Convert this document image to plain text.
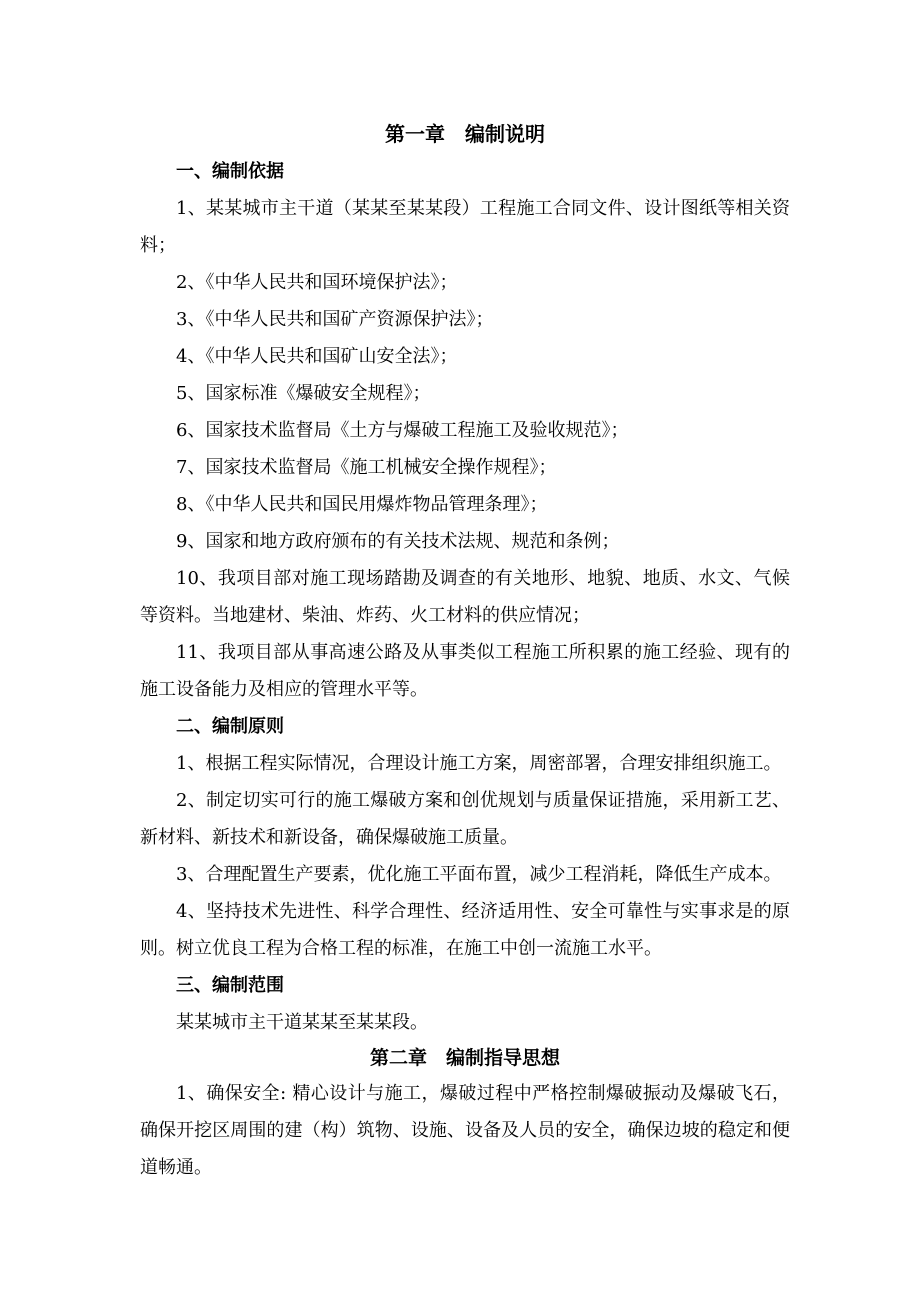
第一章　编制说明

一、编制依据

1、某某城市主干道（某某至某某段）工程施工合同文件、设计图纸等相关资料；

2、《中华人民共和国环境保护法》；

3、《中华人民共和国矿产资源保护法》；

4、《中华人民共和国矿山安全法》；

5、国家标准《爆破安全规程》；

6、国家技术监督局《土方与爆破工程施工及验收规范》；

7、国家技术监督局《施工机械安全操作规程》；

8、《中华人民共和国民用爆炸物品管理条理》；

9、国家和地方政府颁布的有关技术法规、规范和条例；

10、我项目部对施工现场踏勘及调查的有关地形、地貌、地质、水文、气候等资料。当地建材、柴油、炸药、火工材料的供应情况；

11、我项目部从事高速公路及从事类似工程施工所积累的施工经验、现有的施工设备能力及相应的管理水平等。

二、编制原则

1、根据工程实际情况，合理设计施工方案，周密部署，合理安排组织施工。

2、制定切实可行的施工爆破方案和创优规划与质量保证措施，采用新工艺、新材料、新技术和新设备，确保爆破施工质量。

3、合理配置生产要素，优化施工平面布置，减少工程消耗，降低生产成本。

4、坚持技术先进性、科学合理性、经济适用性、安全可靠性与实事求是的原则。树立优良工程为合格工程的标准，在施工中创一流施工水平。

三、编制范围

某某城市主干道某某至某某段。

第二章　编制指导思想

1、确保安全: 精心设计与施工，爆破过程中严格控制爆破振动及爆破飞石，确保开挖区周围的建（构）筑物、设施、设备及人员的安全，确保边坡的稳定和便道畅通。
